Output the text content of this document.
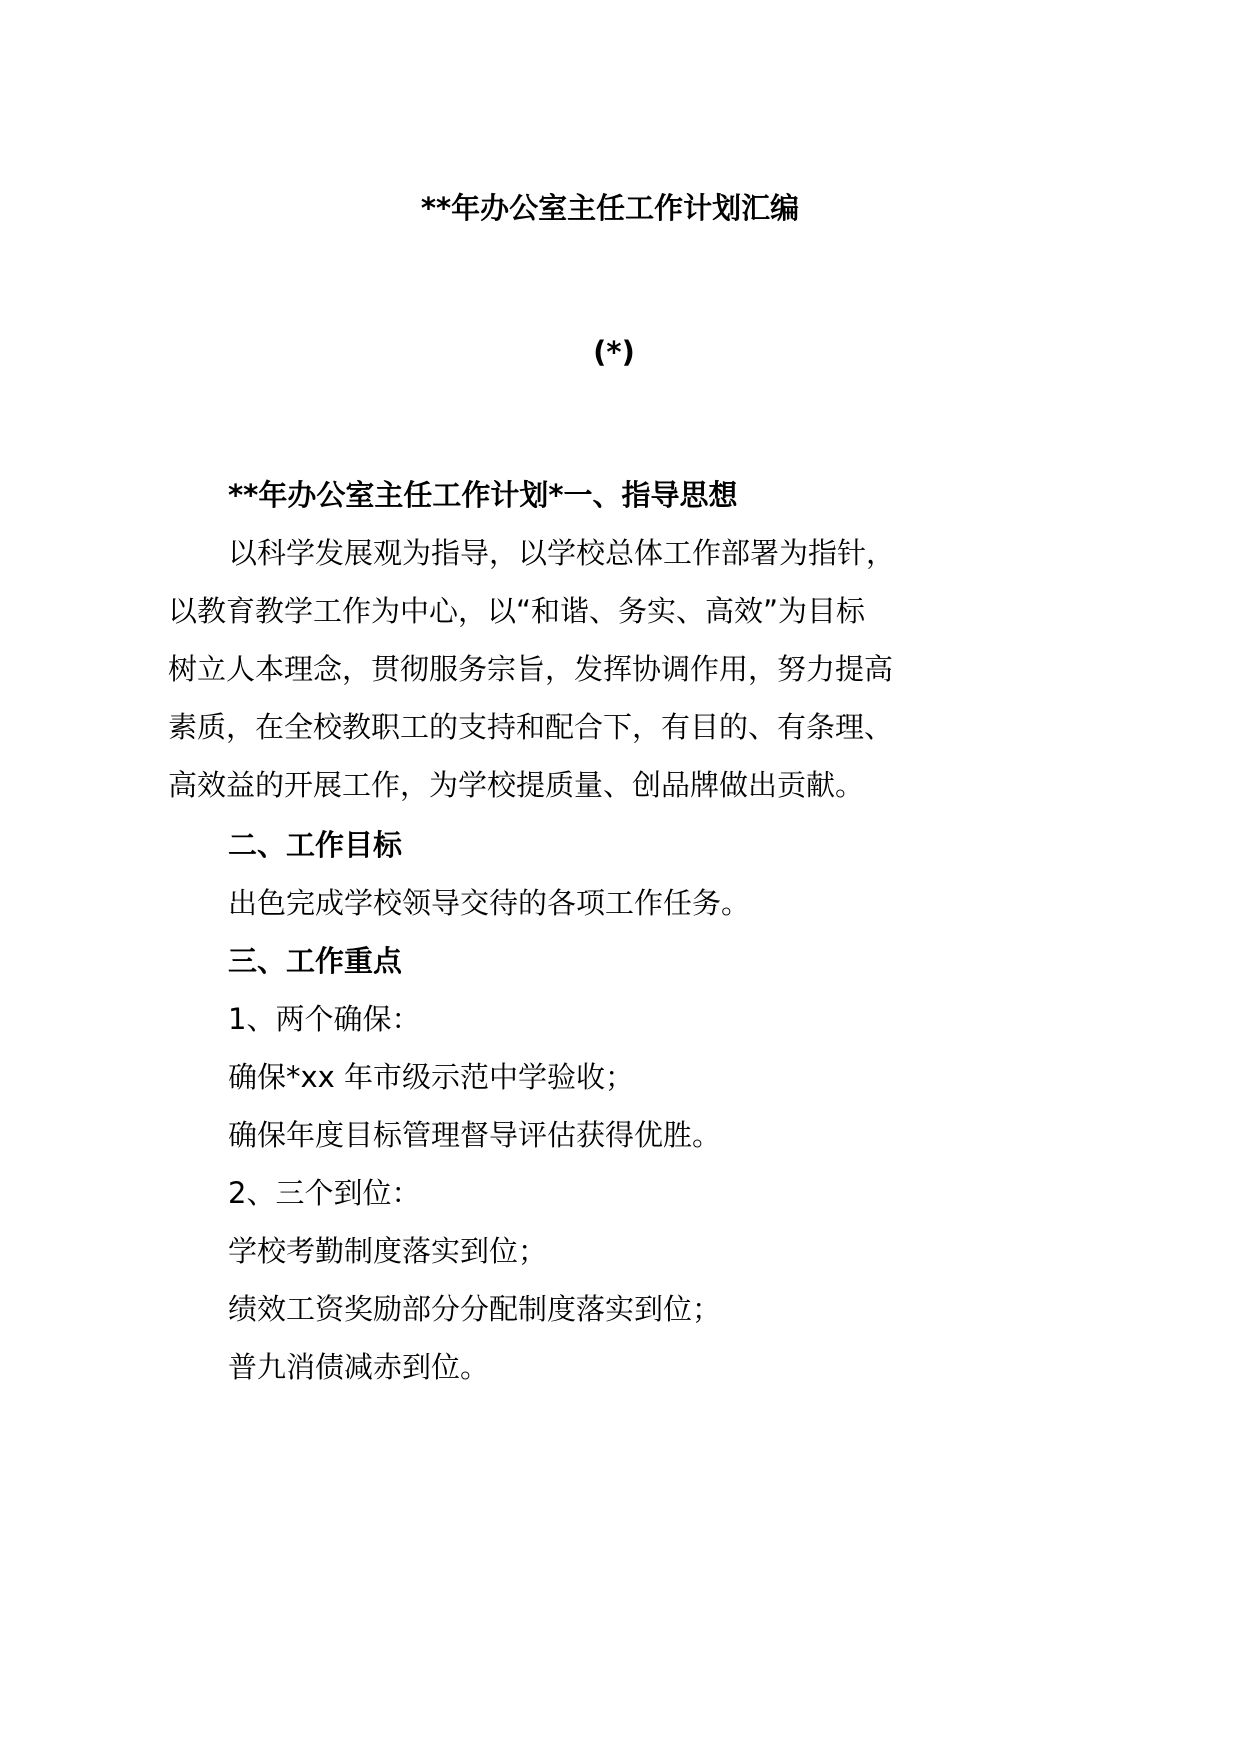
**年办公室主任工作计划汇编
(*)
**年办公室主任工作计划*一、指导思想
以科学发展观为指导，以学校总体工作部署为指针，
以教育教学工作为中心，以“和谐、务实、高效”为目标
树立人本理念，贯彻服务宗旨，发挥协调作用，努力提高
素质，在全校教职工的支持和配合下，有目的、有条理、
高效益的开展工作，为学校提质量、创品牌做出贡献。
二、工作目标
出色完成学校领导交待的各项工作任务。
三、工作重点
1、两个确保：
确保*xx 年市级示范中学验收；
确保年度目标管理督导评估获得优胜。
2、三个到位：
学校考勤制度落实到位；
绩效工资奖励部分分配制度落实到位；
普九消债减赤到位。
